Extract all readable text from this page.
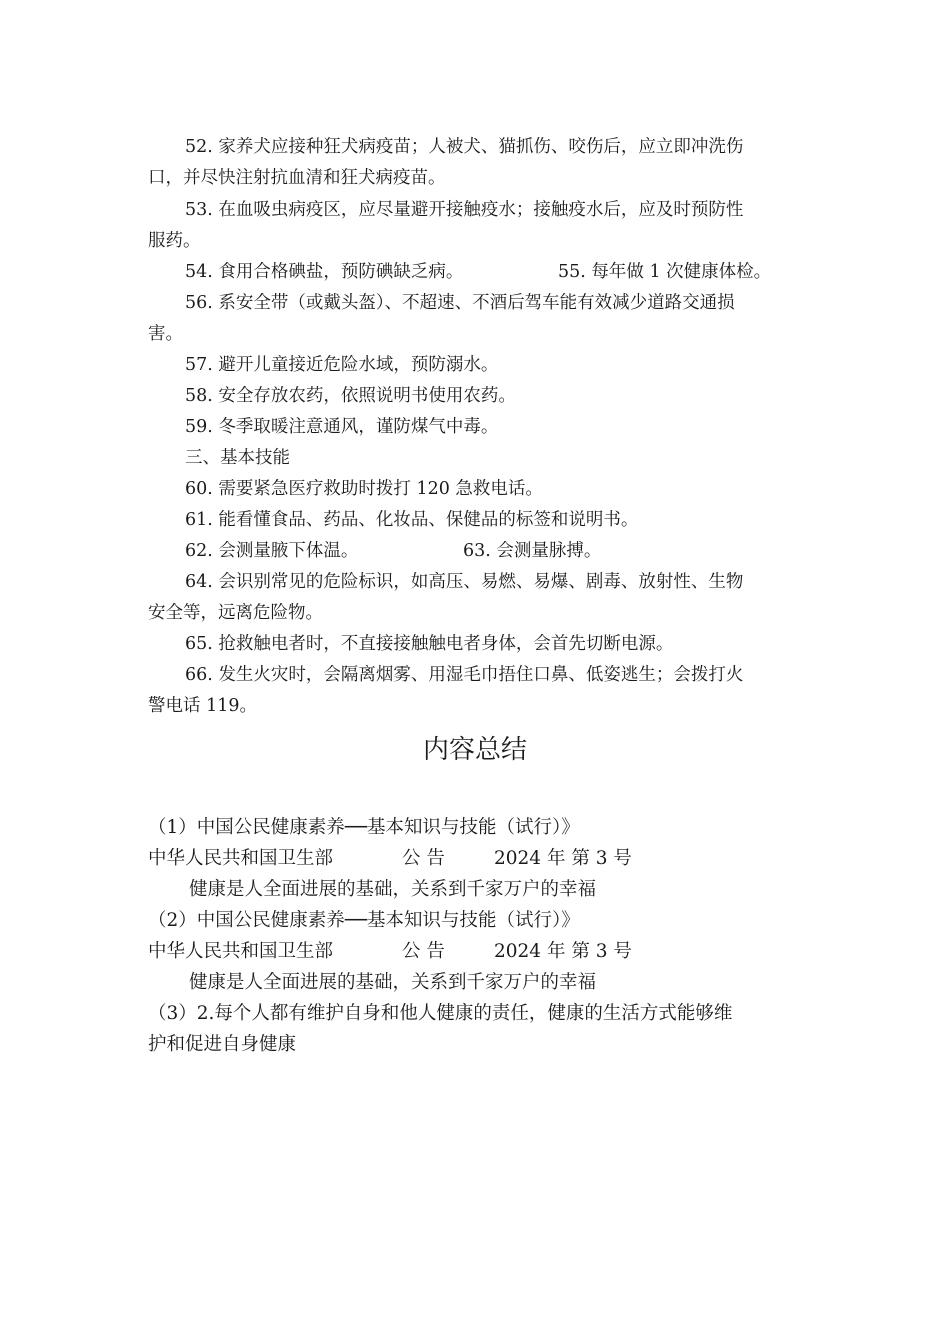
52. 家养犬应接种狂犬病疫苗；人被犬、猫抓伤、咬伤后，应立即冲洗伤
口，并尽快注射抗血清和狂犬病疫苗。
53. 在血吸虫病疫区，应尽量避开接触疫水；接触疫水后，应及时预防性
服药。
54. 食用合格碘盐，预防碘缺乏病。	55. 每年做 1 次健康体检。
56. 系安全带（或戴头盔）、不超速、不酒后驾车能有效减少道路交通损
害。
57. 避开儿童接近危险水域，预防溺水。
58. 安全存放农药，依照说明书使用农药。
59. 冬季取暖注意通风，谨防煤气中毒。
三、基本技能
60. 需要紧急医疗救助时拨打 120 急救电话。
61. 能看懂食品、药品、化妆品、保健品的标签和说明书。
62. 会测量腋下体温。	63. 会测量脉搏。
64. 会识别常见的危险标识，如高压、易燃、易爆、剧毒、放射性、生物
安全等，远离危险物。
65. 抢救触电者时，不直接接触触电者身体，会首先切断电源。
66. 发生火灾时，会隔离烟雾、用湿毛巾捂住口鼻、低姿逃生；会拨打火
警电话 119。
内容总结
（1）中国公民健康素养──基本知识与技能（试行）》
中华人民共和国卫生部	公 告	2024 年 第 3 号
健康是人全面进展的基础，关系到千家万户的幸福
（2）中国公民健康素养──基本知识与技能（试行）》
中华人民共和国卫生部	公 告	2024 年 第 3 号
健康是人全面进展的基础，关系到千家万户的幸福
（3）2.每个人都有维护自身和他人健康的责任，健康的生活方式能够维
护和促进自身健康
